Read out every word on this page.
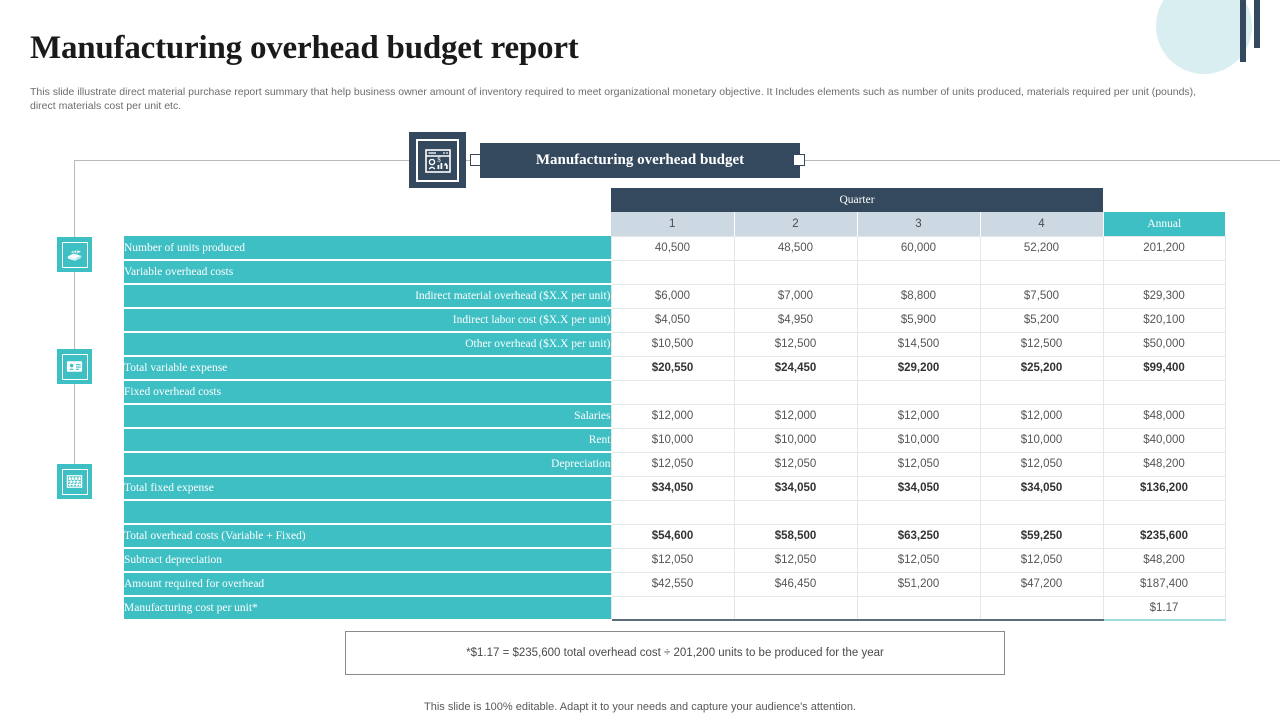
Manufacturing overhead budget report
This slide illustrate direct material purchase report summary that help business owner amount of inventory required to meet organizational monetary objective. It Includes elements such as number of units produced, materials required per unit (pounds), direct materials cost per unit etc.
$	Manufacturing overhead budget
	Quarter				
	1	2	3	4	Annual
Number of units produced	40,500	48,500	60,000	52,200	201,200
Variable overhead costs					
Indirect material overhead ($X.X per unit)	$6,000	$7,000	$8,800	$7,500	$29,300
Indirect labor cost ($X.X per unit)	$4,050	$4,950	$5,900	$5,200	$20,100
Other overhead ($X.X per unit)	$10,500	$12,500	$14,500	$12,500	$50,000
Total variable expense	$20,550	$24,450	$29,200	$25,200	$99,400
Fixed overhead costs					
Salaries	$12,000	$12,000	$12,000	$12,000	$48,000
Rent	$10,000	$10,000	$10,000	$10,000	$40,000
Depreciation	$12,050	$12,050	$12,050	$12,050	$48,200
Total fixed expense	$34,050	$34,050	$34,050	$34,050	$136,200

Total overhead costs (Variable + Fixed)	$54,600	$58,500	$63,250	$59,250	$235,600
Subtract depreciation	$12,050	$12,050	$12,050	$12,050	$48,200
Amount required for overhead	$42,550	$46,450	$51,200	$47,200	$187,400
Manufacturing cost per unit*					$1.17
*$1.17 = $235,600 total overhead cost ÷ 201,200 units to be produced for the year
This slide is 100% editable. Adapt it to your needs and capture your audience's attention.
